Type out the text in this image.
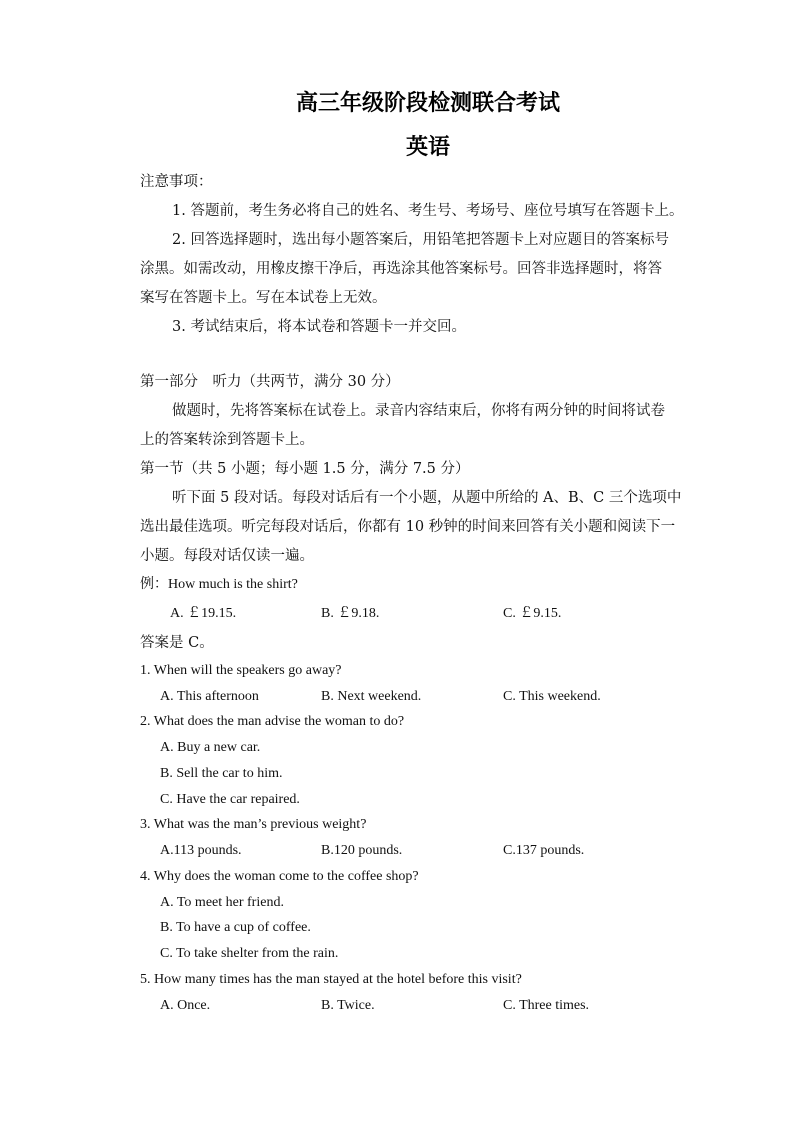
高三年级阶段检测联合考试
英语
注意事项：
1. 答题前，考生务必将自己的姓名、考生号、考场号、座位号填写在答题卡上。
2. 回答选择题时，选出每小题答案后，用铅笔把答题卡上对应题目的答案标号
涂黑。如需改动，用橡皮擦干净后，再选涂其他答案标号。回答非选择题时，将答
案写在答题卡上。写在本试卷上无效。
3. 考试结束后，将本试卷和答题卡一并交回。
第一部分　听力（共两节，满分 30 分）
做题时，先将答案标在试卷上。录音内容结束后，你将有两分钟的时间将试卷
上的答案转涂到答题卡上。
第一节（共 5 小题；每小题 1.5 分，满分 7.5 分）
听下面 5 段对话。每段对话后有一个小题，从题中所给的 A、B、C 三个选项中
选出最佳选项。听完每段对话后，你都有 10 秒钟的时间来回答有关小题和阅读下一
小题。每段对话仅读一遍。
例：How much is the shirt?
A. ￡19.15.	B. ￡9.18.	C. ￡9.15.
答案是 C。
1. When will the speakers go away?
A. This afternoon	B. Next weekend.	C. This weekend.
2. What does the man advise the woman to do?
A. Buy a new car.
B. Sell the car to him.
C. Have the car repaired.
3. What was the man’s previous weight?
A.113 pounds.	B.120 pounds.	C.137 pounds.
4. Why does the woman come to the coffee shop?
A. To meet her friend.
B. To have a cup of coffee.
C. To take shelter from the rain.
5. How many times has the man stayed at the hotel before this visit?
A. Once.	B. Twice.	C. Three times.
